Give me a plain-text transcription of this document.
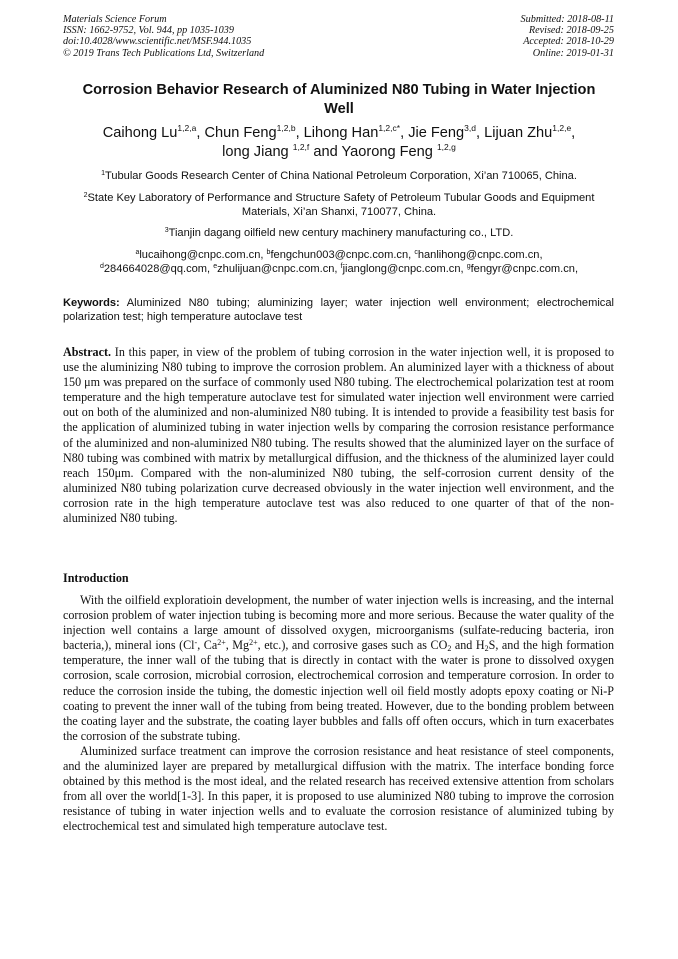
Materials Science Forum
ISSN: 1662-9752, Vol. 944, pp 1035-1039
doi:10.4028/www.scientific.net/MSF.944.1035
© 2019 Trans Tech Publications Ltd, Switzerland
Submitted: 2018-08-11
Revised: 2018-09-25
Accepted: 2018-10-29
Online: 2019-01-31
Corrosion Behavior Research of Aluminized N80 Tubing in Water Injection Well
Caihong Lu$^{1,2,a}$, Chun Feng$^{1,2,b}$, Lihong Han$^{1,2,c*}$, Jie Feng$^{3,d}$, Lijuan Zhu$^{1,2,e}$,
long Jiang $^{1,2,f}$ and Yaorong Feng $^{1,2,g}$
$^1$Tubular Goods Research Center of China National Petroleum Corporation, Xi’an 710065, China.
$^2$State Key Laboratory of Performance and Structure Safety of Petroleum Tubular Goods and Equipment Materials, Xi’an Shanxi, 710077, China.
$^3$Tianjin dagang oilfield new century machinery manufacturing co., LTD.
$^a$lucaihong@cnpc.com.cn, $^b$fengchun003@cnpc.com.cn, $^c$hanlihong@cnpc.com.cn,
$^d$284664028@qq.com, $^e$zhulijuan@cnpc.com.cn, $^f$jianglong@cnpc.com.cn, $^g$fengyr@cnpc.com.cn,
Keywords: Aluminized N80 tubing; aluminizing layer; water injection well environment; electrochemical polarization test; high temperature autoclave test

Abstract. In this paper, in view of the problem of tubing corrosion in the water injection well, it is proposed to use the aluminizing N80 tubing to improve the corrosion problem. An aluminized layer with a thickness of about 150 μm was prepared on the surface of commonly used N80 tubing. The electrochemical polarization test at room temperature and the high temperature autoclave test for simulated water injection well environment were carried out on both of the aluminized and non-aluminized N80 tubing. It is intended to provide a feasibility test basis for the application of aluminized tubing in water injection wells by comparing the corrosion resistance performance of the aluminized and non-aluminized N80 tubing. The results showed that the aluminized layer on the surface of N80 tubing was combined with matrix by metallurgical diffusion, and the thickness of the aluminized layer could reach 150μm. Compared with the non-aluminized N80 tubing, the self-corrosion current density of the aluminized N80 tubing polarization curve decreased obviously in the water injection well environment, and the corrosion rate in the high temperature autoclave test was also reduced to one quarter of that of the non-aluminized N80 tubing.

Introduction

With the oilfield exploratioin development, the number of water injection wells is increasing, and the internal corrosion problem of water injection tubing is becoming more and more serious. Because the water quality of the injection well contains a large amount of dissolved oxygen, microorganisms (sulfate-reducing bacteria, iron bacteria,), mineral ions (Cl-, $Ca^{2+}$, $Mg^{2+}$, etc.), and corrosive gases such as $CO_2$ and $H_2S$, and the high formation temperature, the inner wall of the tubing that is directly in contact with the water is prone to dissolved oxygen corrosion, scale corrosion, microbial corrosion, electrochemical corrosion and temperature corrosion. In order to reduce the corrosion inside the tubing, the domestic injection well oil field mostly adopts epoxy coating or Ni-P coating to prevent the inner wall of the tubing from being treated. However, due to the bonding problem between the coating layer and the substrate, the coating layer bubbles and falls off often occurs, which in turn exacerbates the corrosion of the substrate tubing.

Aluminized surface treatment can improve the corrosion resistance and heat resistance of steel components, and the aluminized layer are prepared by metallurgical diffusion with the matrix. The interface bonding force obtained by this method is the most ideal, and the related research has received extensive attention from scholars from all over the world[1-3]. In this paper, it is proposed to use aluminized N80 tubing to improve the corrosion resistance of tubing in water injection wells and to evaluate the corrosion resistance of aluminized tubing by electrochemical test and simulated high temperature autoclave test.
